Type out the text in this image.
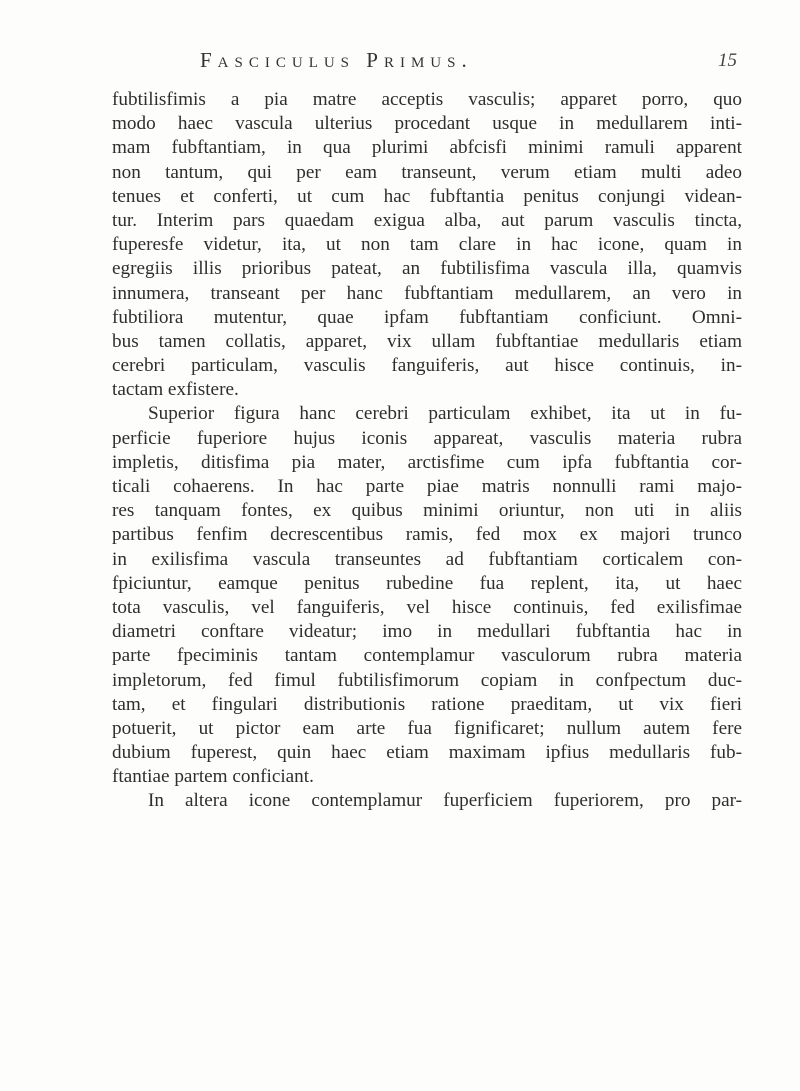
Fasciculus Primus.	15
fubtilisfimis a pia matre acceptis vasculis; apparet porro, quo
modo haec vascula ulterius procedant usque in medullarem inti-
mam fubftantiam, in qua plurimi abfcisfi minimi ramuli apparent
non tantum, qui per eam transeunt, verum etiam multi adeo
tenues et conferti, ut cum hac fubftantia penitus conjungi videan-
tur. Interim pars quaedam exigua alba, aut parum vasculis tincta,
fuperesfe videtur, ita, ut non tam clare in hac icone, quam in
egregiis illis prioribus pateat, an fubtilisfima vascula illa, quamvis
innumera, transeant per hanc fubftantiam medullarem, an vero in
fubtiliora mutentur, quae ipfam fubftantiam conficiunt. Omni-
bus tamen collatis, apparet, vix ullam fubftantiae medullaris etiam
cerebri particulam, vasculis fanguiferis, aut hisce continuis, in-
tactam exfistere.
Superior figura hanc cerebri particulam exhibet, ita ut in fu-
perficie fuperiore hujus iconis appareat, vasculis materia rubra
impletis, ditisfima pia mater, arctisfime cum ipfa fubftantia cor-
ticali cohaerens. In hac parte piae matris nonnulli rami majo-
res tanquam fontes, ex quibus minimi oriuntur, non uti in aliis
partibus fenfim decrescentibus ramis, fed mox ex majori trunco
in exilisfima vascula transeuntes ad fubftantiam corticalem con-
fpiciuntur, eamque penitus rubedine fua replent, ita, ut haec
tota vasculis, vel fanguiferis, vel hisce continuis, fed exilisfimae
diametri conftare videatur; imo in medullari fubftantia hac in
parte fpeciminis tantam contemplamur vasculorum rubra materia
impletorum, fed fimul fubtilisfimorum copiam in confpectum duc-
tam, et fingulari distributionis ratione praeditam, ut vix fieri
potuerit, ut pictor eam arte fua fignificaret; nullum autem fere
dubium fuperest, quin haec etiam maximam ipfius medullaris fub-
ftantiae partem conficiant.
In altera icone contemplamur fuperficiem fuperiorem, pro par-
